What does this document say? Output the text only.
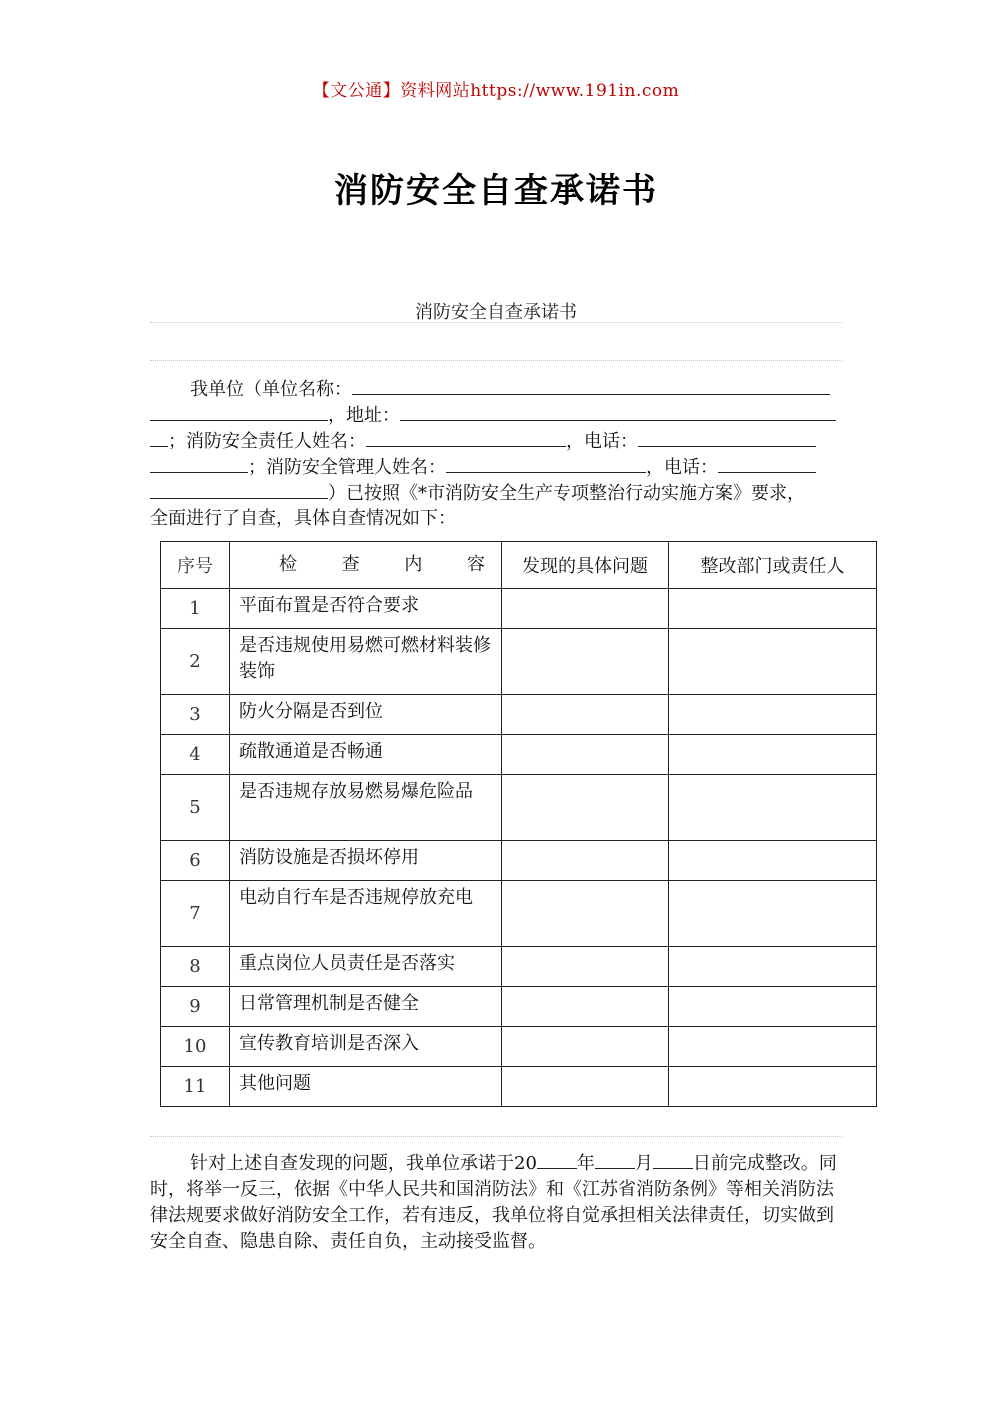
【文公通】资料网站https://www.191in.com
消防安全自查承诺书
消防安全自查承诺书
我单位（单位名称：
，地址：
；消防安全责任人姓名：	，电话：
；消防安全管理人姓名：	，电话：
）已按照《*市消防安全生产专项整治行动实施方案》要求，
全面进行了自查，具体自查情况如下：
序号	检 查 内 容	发现的具体问题	整改部门或责任人
1	平面布置是否符合要求		
2	是否违规使用易燃可燃材料装修装饰		
3	防火分隔是否到位		
4	疏散通道是否畅通		
5	是否违规存放易燃易爆危险品		
6	消防设施是否损坏停用		
7	电动自行车是否违规停放充电		
8	重点岗位人员责任是否落实		
9	日常管理机制是否健全		
10	宣传教育培训是否深入		
11	其他问题		
针对上述自查发现的问题，我单位承诺于20 年 月 日前完成整改。同时，将举一反三，依据《中华人民共和国消防法》和《江苏省消防条例》等相关消防法律法规要求做好消防安全工作，若有违反，我单位将自觉承担相关法律责任，切实做到安全自查、隐患自除、责任自负，主动接受监督。
